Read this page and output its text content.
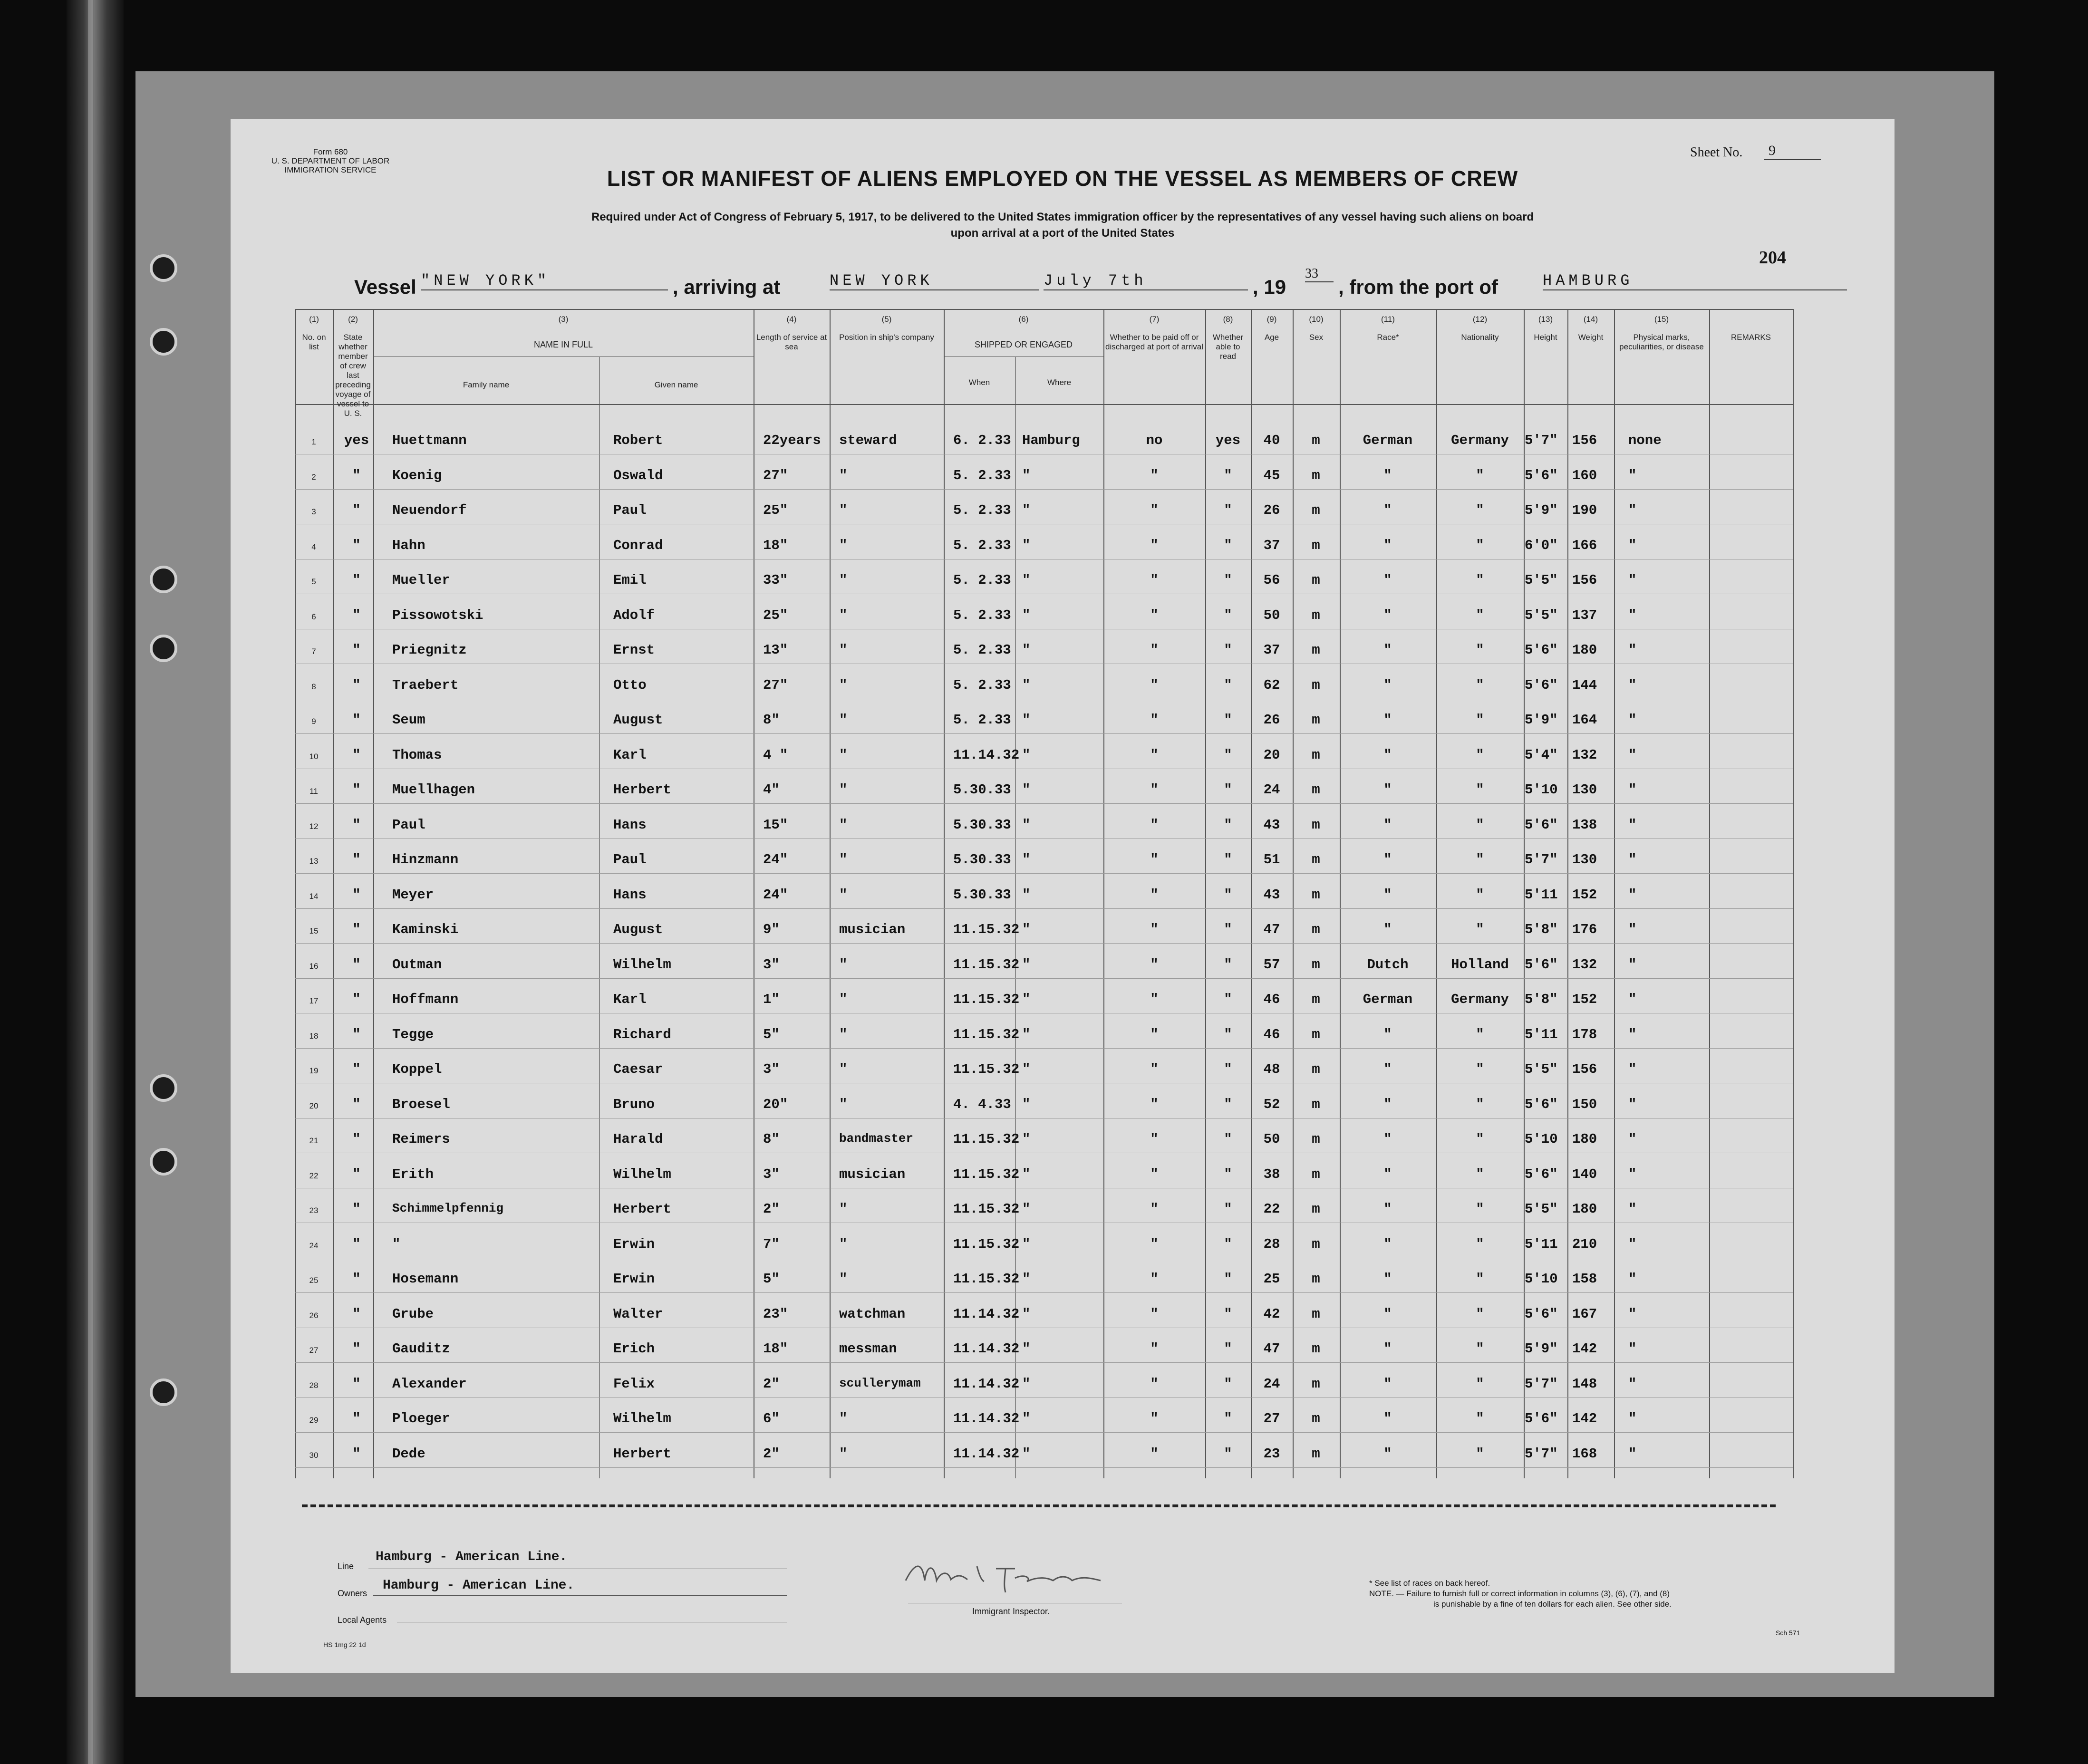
Form 680
U. S. DEPARTMENT OF LABOR
IMMIGRATION SERVICE
Sheet No.	9
LIST OR MANIFEST OF ALIENS EMPLOYED ON THE VESSEL AS MEMBERS OF CREW
Required under Act of Congress of February 5, 1917, to be delivered to the United States immigration officer by the representatives of any vessel having such aliens on board
upon arrival at a port of the United States
204
Vessel "NEW YORK"	, arriving at	NEW YORK	July 7th	, 19
33
, from the port of	HAMBURG
(1)
No. on list
(2)
State whether member of crew last preceding voyage of vessel to U. S.
(3)
NAME IN FULL
(4)
Length of service at sea
(5)
Position in ship's company
(6)
SHIPPED OR ENGAGED
(7)
Whether to be paid off or discharged at port of arrival
(8)
Whether able to read
(9)
Age
(10)
Sex
(11)
Race*
(12)
Nationality
(13)
Height
(14)
Weight
(15)
Physical marks, peculiarities, or disease
REMARKS
Family name	Given name	When	Where
1	yes	Huettmann	Robert	22years steward	6. 2.33 Hamburg	no	yes	40	m	German	Germany	5'7" 156 none
2	"	Koenig	Oswald	27"	"	5. 2.33 "	"	"	45	m	"	"	5'6" 160 "
3	"	Neuendorf	Paul	25"	"	5. 2.33 "	"	"	26	m	"	"	5'9" 190 "
4	"	Hahn	Conrad	18"	"	5. 2.33 "	"	"	37	m	"	"	6'0" 166 "
5	"	Mueller	Emil	33"	"	5. 2.33 "	"	"	56	m	"	"	5'5" 156 "
6	"	Pissowotski	Adolf	25"	"	5. 2.33 "	"	"	50	m	"	"	5'5" 137 "
7	"	Priegnitz	Ernst	13"	"	5. 2.33 "	"	"	37	m	"	"	5'6" 180 "
8	"	Traebert	Otto	27"	"	5. 2.33 "	"	"	62	m	"	"	5'6" 144 "
9	"	Seum	August	8"	"	5. 2.33 "	"	"	26	m	"	"	5'9" 164 "
10	"	Thomas	Karl	4 "	"	11.14.32 "	"	"	20	m	"	"	5'4" 132 "
11	"	Muellhagen	Herbert	4"	"	5.30.33 "	"	"	24	m	"	"	5'10 130 "
12	"	Paul	Hans	15"	"	5.30.33 "	"	"	43	m	"	"	5'6" 138 "
13	"	Hinzmann	Paul	24"	"	5.30.33 "	"	"	51	m	"	"	5'7" 130 "
14	"	Meyer	Hans	24"	"	5.30.33 "	"	"	43	m	"	"	5'11 152 "
15	"	Kaminski	August	9"	musician	11.15.32 "	"	"	47	m	"	"	5'8" 176 "
16	"	Outman	Wilhelm	3"	"	11.15.32 "	"	"	57	m	Dutch	Holland	5'6" 132 "
17	"	Hoffmann	Karl	1"	"	11.15.32 "	"	"	46	m	German	Germany	5'8" 152 "
18	"	Tegge	Richard	5"	"	11.15.32 "	"	"	46	m	"	"	5'11 178 "
19	"	Koppel	Caesar	3"	"	11.15.32 "	"	"	48	m	"	"	5'5" 156 "
20	"	Broesel	Bruno	20"	"	4. 4.33 "	"	"	52	m	"	"	5'6" 150 "
21	"	Reimers	Harald	8"	bandmaster	11.15.32 "	"	"	50	m	"	"	5'10 180 "
22	"	Erith	Wilhelm	3"	musician	11.15.32 "	"	"	38	m	"	"	5'6" 140 "
23	"	Schimmelpfennig	Herbert	2"	"	11.15.32 "	"	"	22	m	"	"	5'5" 180 "
24	"	"	Erwin	7"	"	11.15.32 "	"	"	28	m	"	"	5'11 210 "
25	"	Hosemann	Erwin	5"	"	11.15.32 "	"	"	25	m	"	"	5'10 158 "
26	"	Grube	Walter	23"	watchman	11.14.32 "	"	"	42	m	"	"	5'6" 167 "
27	"	Gauditz	Erich	18"	messman	11.14.32 "	"	"	47	m	"	"	5'9" 142 "
28	"	Alexander	Felix	2"	scullerymam 11.14.32 "	"	"	24	m	"	"	5'7" 148 "
29	"	Ploeger	Wilhelm	6"	"	11.14.32 "	"	"	27	m	"	"	5'6" 142 "
30	"	Dede	Herbert	2"	"	11.14.32 "	"	"	23	m	"	"	5'7" 168 "
Line
Hamburg - American Line.
Owners
Hamburg - American Line.
Local Agents
Immigrant Inspector.
* See list of races on back hereof.
NOTE. — Failure to furnish full or correct information in columns (3), (6), (7), and (8)
is punishable by a fine of ten dollars for each alien. See other side.
HS 1mg 22 1d
Sch 571
